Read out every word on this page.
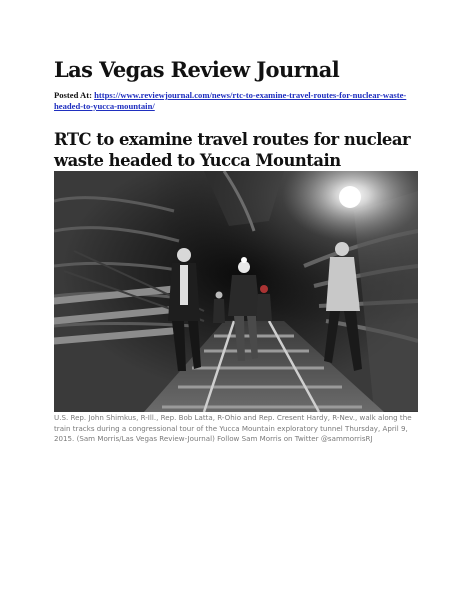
Las Vegas Review Journal
Posted At: https://www.reviewjournal.com/news/rtc-to-examine-travel-routes-for-nuclear-waste-headed-to-yucca-mountain/
RTC to examine travel routes for nuclear waste headed to Yucca Mountain
U.S. Rep. John Shimkus, R-Ill., Rep. Bob Latta, R-Ohio and Rep. Cresent Hardy, R-Nev., walk along the train tracks during a congressional tour of the Yucca Mountain exploratory tunnel Thursday, April 9, 2015. (Sam Morris/Las Vegas Review-Journal) Follow Sam Morris on Twitter @sammorrisRJ
